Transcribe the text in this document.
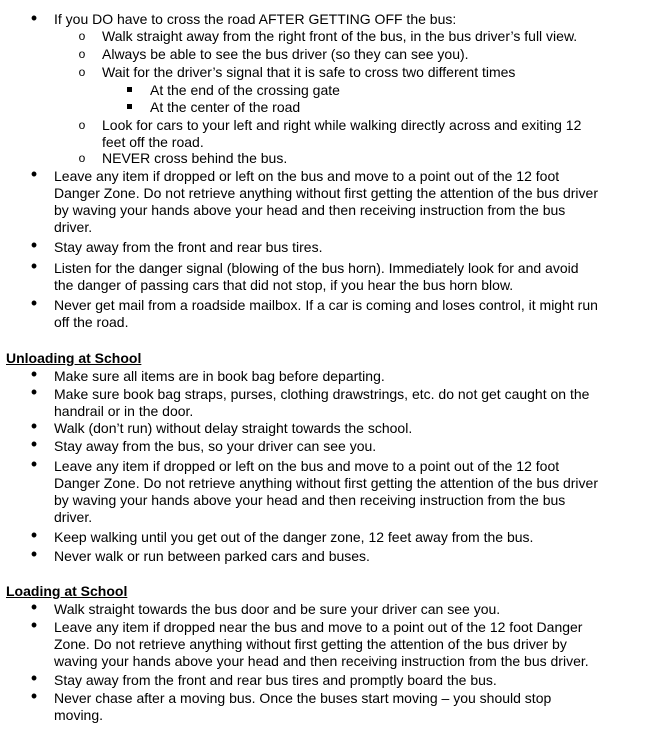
•
If you DO have to cross the road AFTER GETTING OFF the bus:
o Walk straight away from the right front of the bus, in the bus driver’s full view.
o Always be able to see the bus driver (so they can see you).
o Wait for the driver’s signal that it is safe to cross two different times
At the end of the crossing gate
At the center of the road
o Look for cars to your left and right while walking directly across and exiting 12
feet off the road.
o NEVER cross behind the bus.
•
Leave any item if dropped or left on the bus and move to a point out of the 12 foot
Danger Zone. Do not retrieve anything without first getting the attention of the bus driver
by waving your hands above your head and then receiving instruction from the bus
driver.
•
Stay away from the front and rear bus tires.
•
Listen for the danger signal (blowing of the bus horn). Immediately look for and avoid
the danger of passing cars that did not stop, if you hear the bus horn blow.
•
Never get mail from a roadside mailbox. If a car is coming and loses control, it might run
off the road.
Unloading at School
•
Make sure all items are in book bag before departing.
•
Make sure book bag straps, purses, clothing drawstrings, etc. do not get caught on the
handrail or in the door.
•
Walk (don’t run) without delay straight towards the school.
•
Stay away from the bus, so your driver can see you.
•
Leave any item if dropped or left on the bus and move to a point out of the 12 foot
Danger Zone. Do not retrieve anything without first getting the attention of the bus driver
by waving your hands above your head and then receiving instruction from the bus
driver.
•
Keep walking until you get out of the danger zone, 12 feet away from the bus.
•
Never walk or run between parked cars and buses.
Loading at School
•
Walk straight towards the bus door and be sure your driver can see you.
•
Leave any item if dropped near the bus and move to a point out of the 12 foot Danger
Zone. Do not retrieve anything without first getting the attention of the bus driver by
waving your hands above your head and then receiving instruction from the bus driver.
•
Stay away from the front and rear bus tires and promptly board the bus.
•
Never chase after a moving bus. Once the buses start moving – you should stop
moving.
